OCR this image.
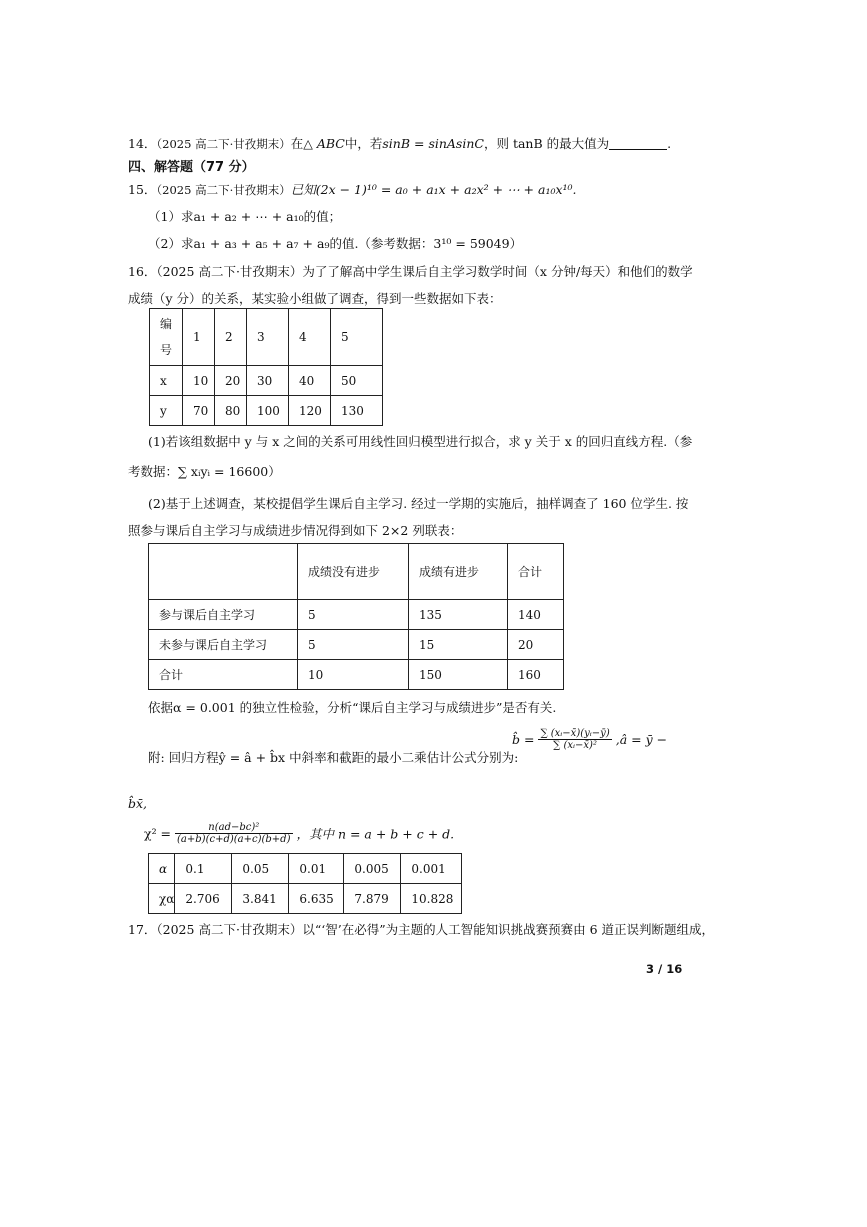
14．（2025 高二下·甘孜期末）在△ ABC中，若sinB = sinAsinC，则 tanB 的最大值为	.
四、解答题（77 分）
15．（2025 高二下·甘孜期末）已知(2x − 1)¹⁰ = a₀ + a₁x + a₂x² + ⋯ + a₁₀x¹⁰.
（1）求a₁ + a₂ + ⋯ + a₁₀的值；
（2）求a₁ + a₃ + a₅ + a₇ + a₉的值.（参考数据：3¹⁰ = 59049）
16．（2025 高二下·甘孜期末）为了了解高中学生课后自主学习数学时间（x 分钟/每天）和他们的数学
成绩（y 分）的关系，某实验小组做了调查，得到一些数据如下表：
编
号	1	2	3	4	5
x	10	20	30	40	50
y	70	80	100	120	130
(1)若该组数据中 y 与 x 之间的关系可用线性回归模型进行拟合，求 y 关于 x 的回归直线方程.（参
考数据：∑ xᵢyᵢ = 16600）
(2)基于上述调查，某校提倡学生课后自主学习. 经过一学期的实施后，抽样调查了 160 位学生. 按
照参与课后自主学习与成绩进步情况得到如下 2×2 列联表：
	成绩没有进步	成绩有进步	合计
参与课后自主学习	5	135	140
未参与课后自主学习	5	15	20
合计	10	150	160
依据α = 0.001 的独立性检验，分析“课后自主学习与成绩进步”是否有关.
附: 回归方程ŷ = â + b̂x 中斜率和截距的最小二乘估计公式分别为:
b̂ = $\frac{\text{∑ (xᵢ−x̄)(yᵢ−ȳ)}}{\text{∑ (xᵢ−x̄)²}}$ ,â = ȳ −
b̂x̄,
$\chi^2 = \frac{\text{n(ad−bc)²}}{(a+b)(c+d)(a+c)(b+d)}$ ，其中 n = a + b + c + d.
α	0.1	0.05	0.01	0.005	0.001
χα	2.706	3.841	6.635	7.879	10.828
17．（2025 高二下·甘孜期末）以“‘智’在必得”为主题的人工智能知识挑战赛预赛由 6 道正误判断题组成，
3 / 16
